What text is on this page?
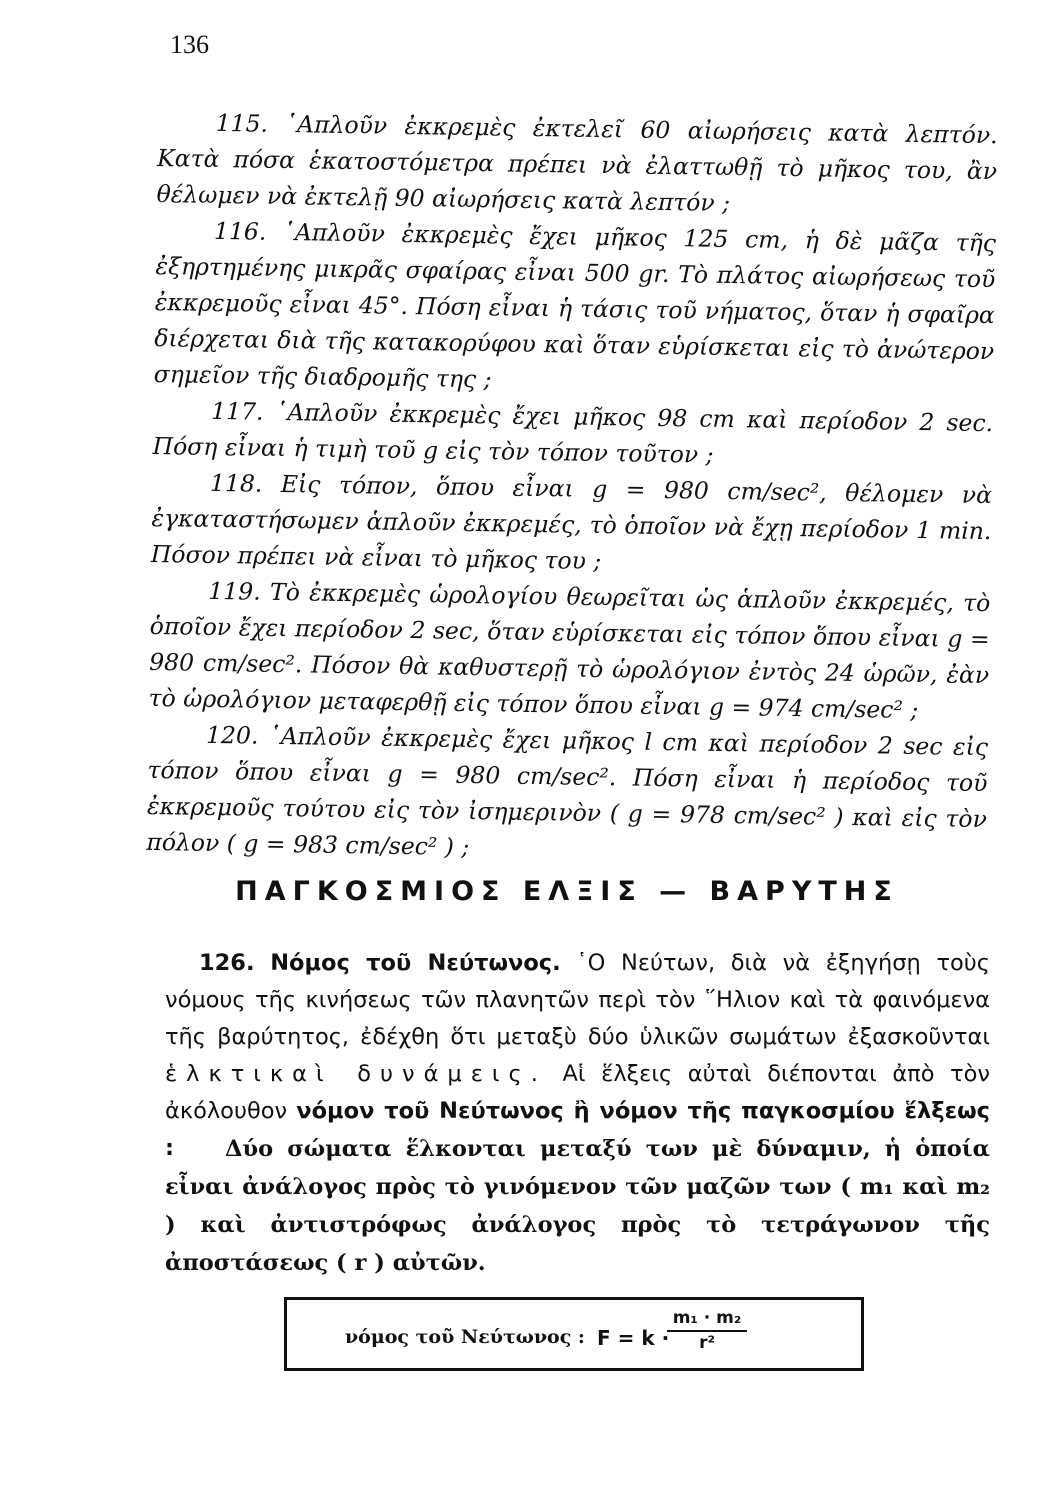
136

115. ῾Απλοῦν ἐκκρεμὲς ἐκτελεῖ 60 αἰωρήσεις κατὰ λεπτόν. Κατὰ πόσα ἑκατοστόμετρα πρέπει νὰ ἐλαττωθῇ τὸ μῆκος του, ἂν θέλωμεν νὰ ἐκτελῇ 90 αἰωρήσεις κατὰ λεπτόν ;

116. ῾Απλοῦν ἐκκρεμὲς ἔχει μῆκος 125 cm, ἡ δὲ μᾶζα τῆς ἐξηρτημένης μικρᾶς σφαίρας εἶναι 500 gr. Τὸ πλάτος αἰωρήσεως τοῦ ἐκκρεμοῦς εἶναι 45°. Πόση εἶναι ἡ τάσις τοῦ νήματος, ὅταν ἡ σφαῖρα διέρχεται διὰ τῆς κατακορύφου καὶ ὅταν εὑρίσκεται εἰς τὸ ἀνώτερον σημεῖον τῆς διαδρομῆς της ;

117. ῾Απλοῦν ἐκκρεμὲς ἔχει μῆκος 98 cm καὶ περίοδον 2 sec. Πόση εἶναι ἡ τιμὴ τοῦ g εἰς τὸν τόπον τοῦτον ;

118. Εἰς τόπον, ὅπου εἶναι g = 980 cm/sec², θέλομεν νὰ ἐγκαταστήσωμεν ἁπλοῦν ἐκκρεμές, τὸ ὁποῖον νὰ ἔχῃ περίοδον 1 min. Πόσον πρέπει νὰ εἶναι τὸ μῆκος του ;

119. Τὸ ἐκκρεμὲς ὡρολογίου θεωρεῖται ὡς ἁπλοῦν ἐκκρεμές, τὸ ὁποῖον ἔχει περίοδον 2 sec, ὅταν εὑρίσκεται εἰς τόπον ὅπου εἶναι g = 980 cm/sec². Πόσον θὰ καθυστερῇ τὸ ὡρολόγιον ἐντὸς 24 ὡρῶν, ἐὰν τὸ ὡρολόγιον μεταφερθῇ εἰς τόπον ὅπου εἶναι g = 974 cm/sec² ;

120. ῾Απλοῦν ἐκκρεμὲς ἔχει μῆκος l cm καὶ περίοδον 2 sec εἰς τόπον ὅπου εἶναι g = 980 cm/sec². Πόση εἶναι ἡ περίοδος τοῦ ἐκκρεμοῦς τούτου εἰς τὸν ἰσημερινὸν ( g = 978 cm/sec² ) καὶ εἰς τὸν πόλον ( g = 983 cm/sec² ) ;

ΠΑΓΚΟΣΜΙΟΣ ΕΛΞΙΣ — ΒΑΡΥΤΗΣ
126. Νόμος τοῦ Νεύτωνος. ῾Ο Νεύτων, διὰ νὰ ἐξηγήσῃ τοὺς νόμους τῆς κινήσεως τῶν πλανητῶν περὶ τὸν ῞Ηλιον καὶ τὰ φαινόμενα τῆς βαρύτητος, ἐδέχθη ὅτι μεταξὺ δύο ὑλικῶν σωμάτων ἐξασκοῦνται ἑλκτικαὶ δυνάμεις. Αἱ ἕλξεις αὐταὶ διέπονται ἀπὸ τὸν ἀκόλουθον νόμον τοῦ Νεύτωνος ἢ νόμον τῆς παγκοσμίου ἕλξεως :	Δύο σώματα ἕλκονται μεταξύ των μὲ δύναμιν, ἡ ὁποία εἶναι ἀνάλογος πρὸς τὸ γινόμενον τῶν μαζῶν των ( m₁ καὶ m₂ ) καὶ ἀντιστρόφως ἀνάλογος πρὸς τὸ τετράγωνον τῆς ἀποστάσεως ( r ) αὐτῶν.
νόμος τοῦ Νεύτωνος : F = k ·
$\frac{\text{m₁ · m₂}}{\text{r²}}$
